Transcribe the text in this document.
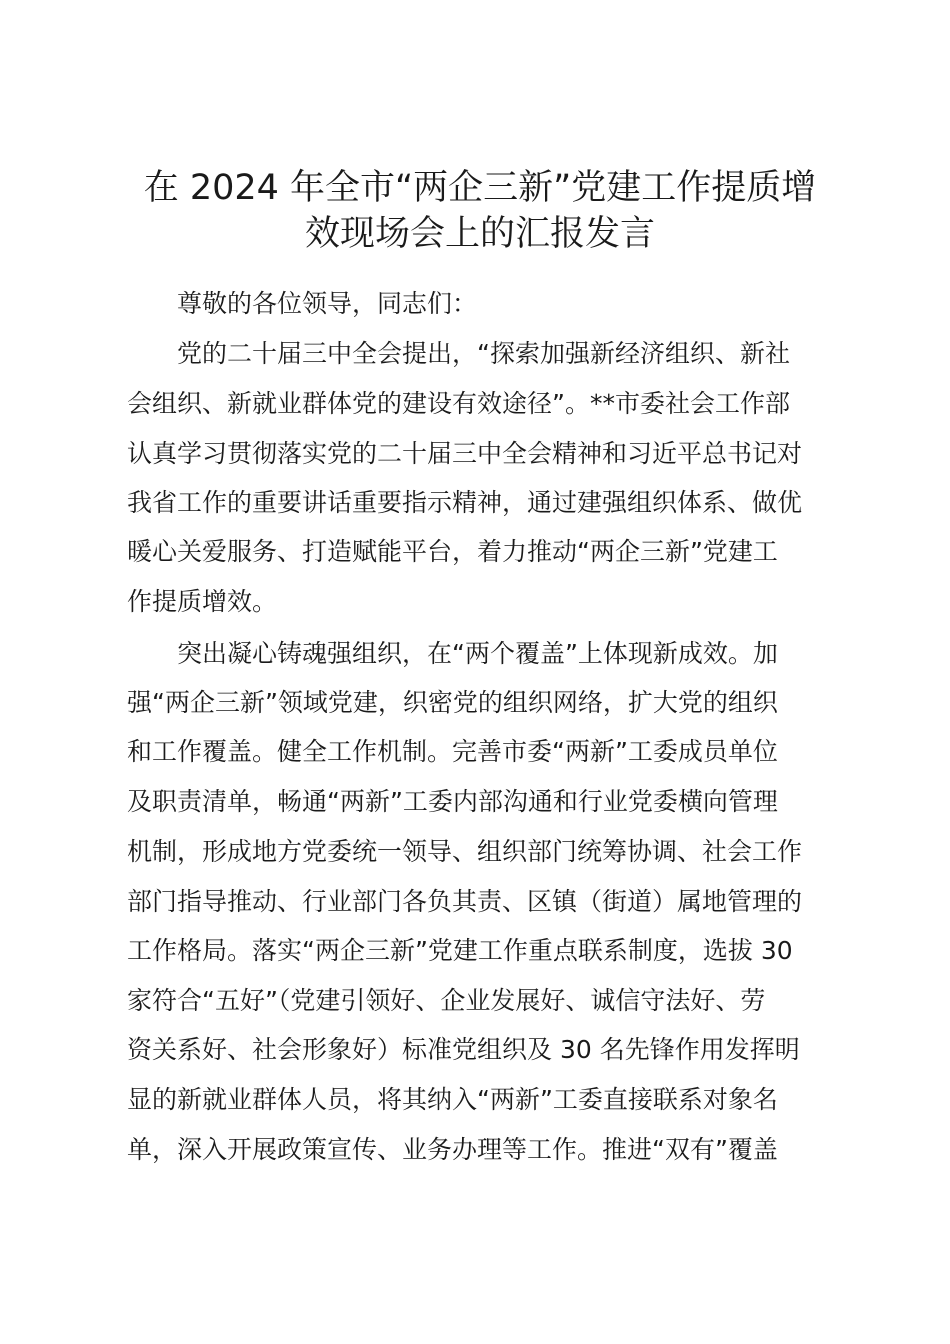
在 2024 年全市“两企三新”党建工作提质增
效现场会上的汇报发言

尊敬的各位领导，同志们：

党的二十届三中全会提出，“探索加强新经济组织、新社

会组织、新就业群体党的建设有效途径”。**市委社会工作部

认真学习贯彻落实党的二十届三中全会精神和习近平总书记对

我省工作的重要讲话重要指示精神，通过建强组织体系、做优

暖心关爱服务、打造赋能平台，着力推动“两企三新”党建工

作提质增效。

突出凝心铸魂强组织，在“两个覆盖”上体现新成效。加

强“两企三新”领域党建，织密党的组织网络，扩大党的组织

和工作覆盖。健全工作机制。完善市委“两新”工委成员单位

及职责清单，畅通“两新”工委内部沟通和行业党委横向管理

机制，形成地方党委统一领导、组织部门统筹协调、社会工作

部门指导推动、行业部门各负其责、区镇（街道）属地管理的

工作格局。落实“两企三新”党建工作重点联系制度，选拔 30

家符合“五好”（党建引领好、企业发展好、诚信守法好、劳

资关系好、社会形象好）标准党组织及 30 名先锋作用发挥明

显的新就业群体人员，将其纳入“两新”工委直接联系对象名

单，深入开展政策宣传、业务办理等工作。推进“双有”覆盖
